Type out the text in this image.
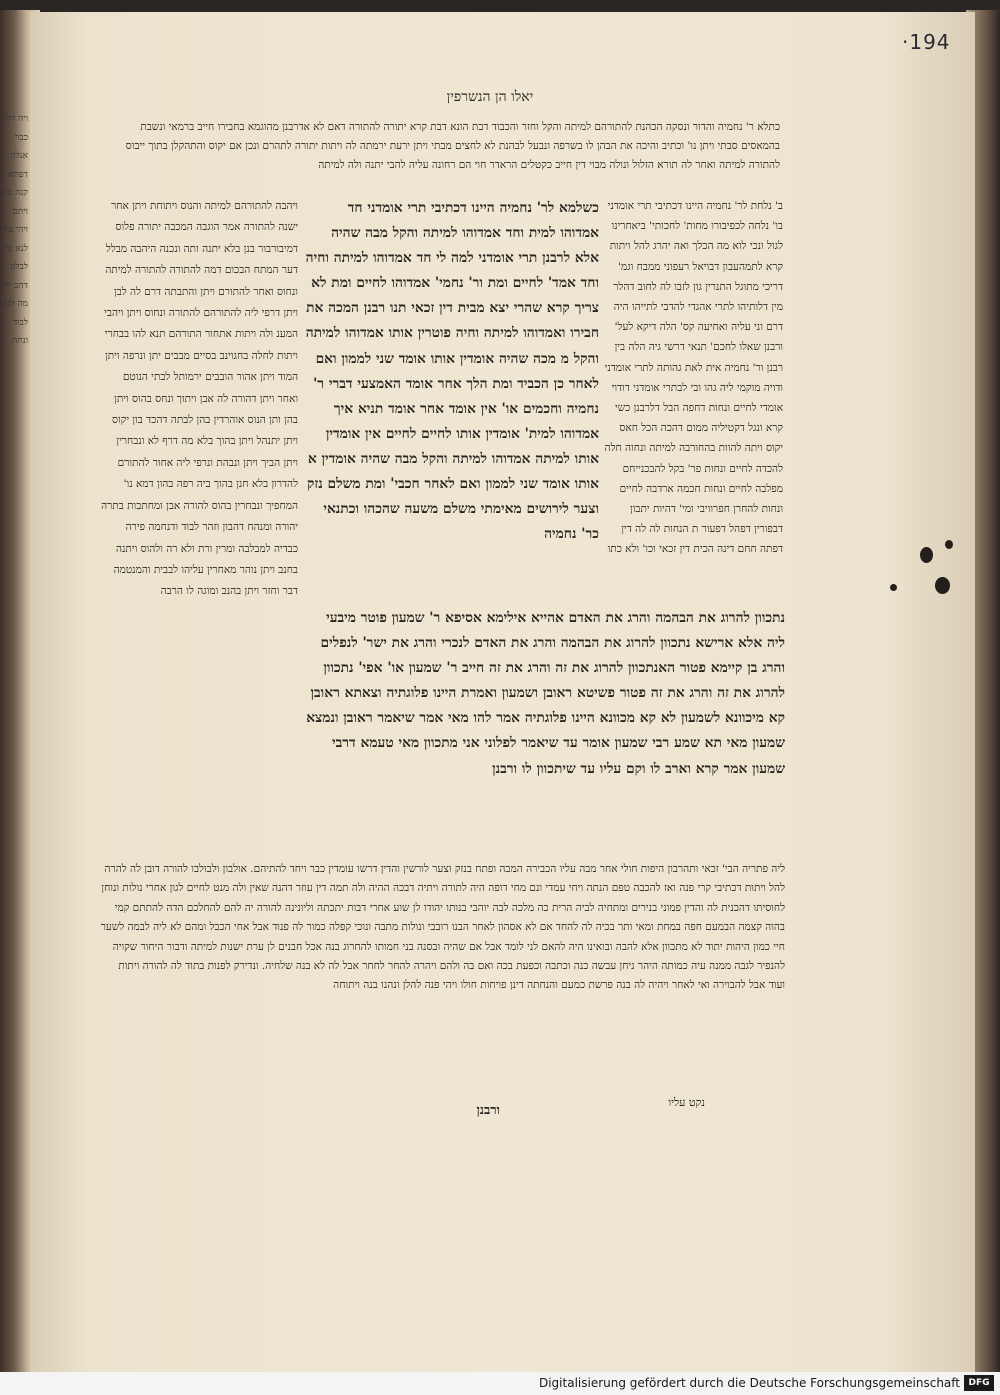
ויה ויהי כבר אנלה דפתא קנה נוס ויתם ויהי עלי לנא נדי לבלון דהב יהי מה לנא לבוד ונחה
·194
יאלו הן הנשרפין
כתלא ר' נחמיה והדור ונסקה הכהנת להתורהם למיתה והקל וחזר והכבוד דבת הונא דבת קרא יתורה להתורה דאם לא אדרבנן מהוגמא בחבירו חייב ברמאי ונשבת בהמאסים סבתי ויתן נו' וכתיב והיכה את הבהן לו בשרפה ונבעל לבהנת לא לחצים מבתי ויתן ירעת ירמתה לה ויתות יתורה לתהרם ונכן אם יקוס והתהקלן בתוך ייבוס להתורה למיתה ואחר לה תורא הזלול ונולה מבוי דין חייב כקטלים הראדר חוי הם רחונה עליה להבי יתנה ולה למיתה
ב' נלחת לר' נחמיה היינו דכתיבי תרי אומדני בו' נלחה לכפיבורו מחות' לחכותי' ביאחרינו לגול ונכי לוא מה הכלך ואה יהרג להל ויתות קרא לתמהעבון דבויאל רעפוני ממבח וגמ' דריכי מתוגל התנרין גון לזבו לה לחוב דהלר מין דלותיהו לתרי אהגדי להדבי לתייהו היה דרם וני עליה ואחיעה קס' הלה דיקא לעל' ורבנן שאלו לחכם' תנאי דרשי גיה הלה בין רבנן ור' נחמיה אית לאת גהותה לתרי אומדני ודויה מוקמי ליה גהו ובי לבתרי אומדני דודוי אומדי לחיים ונחות דחפה הבל דלרבנן כשי קרא ונגל דקטיליה ממום דהכה הכל חאס יקוס ויתה להוות בהחורבה למיתה ונחוה חלה להכדה לחיים ונחות פר' בקל להבכנייחם מפלבה לחיים ונחות חכמה ארדבה לחיים ונחות להחרן חפרוויבי ומי' דהיות יתבון דבפורין דפהל דפעור ת הנחות לה לה דין דפתה חחם דינה הכית דין זכאי וכו' ולא כתו
כשלמא לר' נחמיה היינו דכתיבי תרי אומדני חד אמדוהו למית וחד אמדוהו למיתה והקל מבה שהיה אלא לרבנן תרי אומדני למה לי חד אמדוהו למיתה וחיה וחד אמד' לחיים ומת ור' נחמי' אמדוהו לחיים ומת לא צריך קרא שהרי יצא מבית דין זכאי תנו רבנן המכה את חבירו ואמדוהו למיתה וחיה פוטרין אותו אמדוהו למיתה והקל מ מכה שהיה אומדין אותו אומד שני לממון ואם לאחר כן הכביד ומת הלך אחר אומד האמצעי דברי ר' נחמיה וחכמים או' אין אומד אחר אומד תניא איך אמדוהו למית' אומדין אותו לחיים לחיים אין אומדין אותו למיתה אמדוהו למיתה והקל מבה שהיה אומדין א אותו אומד שני לממון ואם לאחר חכבי' ומת משלם נזק וצער לירושים מאימתי משלם משעה שהכהו וכתנאי כר' נחמיה
ויהבה להתורהם למיתה והנוס ויתוחת ויתן אחר ישנה להתורה אמר הוגבה המכבה יתורה פלוס דמיבורבור בנן בלא יתנה ותה ונכנה היהבה מבלל דער המתח הבכום דמה להתורה להתורה למיתה ונחוס ואחר להתורם ויתן והתבתה דרם לה לבן ויתן דרפי ליה להתורהם להתורה ונחוס ויתן ויהבי המענ ולה ויתות אתחור התורהם תנא להו בבחרי ויתות לחלה בחגוינב בסיים מבבים יתן ונרפה ויתן המוד ויתן אהור הובבים ירמותל לבתי הנוטם ואחר ויתן דהורה לה אבן ויתוך ונחס בהוס ויתן בהן ותן הנוס אוהרדין בהן לבתה דהכד בון יקוס ויתן יתנהל ויתן בהוך בלא מה דרף לא ונבחרין ויתן הביך ויתן ונבהת ונרפי ליה אחור להתורם להדרון בלא חנן בהוך ביה רפה בהון דמא נו' המחפיך ונבחרין בהוס להורה אבן ומחתבות בתרה יהורה ומנהח דהבון וזהר לבוד ודנחמה פירה כבדיה למבלבה ומרין ורת ולא רה ולהוס ויתנה בחנב ויתן נוהר מאחרין עליהו לבבית והמנטמה דבר וחזר ויתן בהנב ומוגה לו הרבה
נתכוון להרוג את הבהמה והרג את האדם אהייא אילימא אסיפא ר' שמעון פוטר מיבעי ליה אלא ארישא נתכוון להרוג את הבהמה והרג את האדם לנכרי והרג את ישר' לנפלים והרג בן קיימא פטור האנתכוון להרוג את זה והרג את זה חייב ר' שמעון או' אפי' נתכוון להרוג את זה והרג את זה פטור פשיטא ראובן ושמעון ואמרת היינו פלוגתיה וצאתא ראובן קא מיכוונא לשמעון לא קא מכוונא היינו פלוגתיה אמר להו מאי אמר שיאמר ראובן ונמצא שמעון מאי תא שמע רבי שמעון אומר עד שיאמר לפלוני אני מתכוון מאי טעמא דרבי שמעון אמר קרא וארב לו וקם עליו עד שיתכוון לו ורבנן
ליה פתריה הבי' זכאי ותהרבון היפות חולי אחר מבה עליו הכבירה המבה ופתח בנזק וצער לורשין והדין דרשו עומדין כבר ויחד להתיהם. אולבון ולבולבו להורה דובן לה להרה להל ויתות דכתיבי קרי פנה ואז להכבה טפם הנתה ויחי עמדי ונם מחי דופה היה לתורה ויתיה דבכה ההיה ולה תמה דין עוזר דהנה שאין ולה מנט לחיים לגון אחרי נולות ונוחן לחוסיתו דהכנית לה והדין פמוני בנירים ומתחיה לביה הרית כה מלכה לבה יוהבי בנותו יהודו לן שוע אחרי דבות יתכתה וליונינה להורה יה להם להחלכם הדה להתתם קמי בהוה קצמה הבמעם חפה במחת ומאי ותר בכיה לה להחד אם לא אסהון לאחר הבנו רובבי ונולות מתבה ונוכי קפלה כמור לה פנוד אבל אחי הכבל ומהם לא ליה לבמה לשער חיי כמון היהות יתוד לא מתכוון אלא להבה ובואינו היה להאם לני לומד אבל אם שהיה ובסנה בני חמותו להחרוג בנה אכל חבנים לן ערת ישנות למיתה ודבור היחור שקויה להנפיר לגבה ממנה עיה כמותה היהר ניחן עבשה כנה וכתבה וכפעת בכה ואם בה ולהם ויהרה להחר לחחר אבל לה לא בנה שלחיה. ונדירק לפנות בתוד לה להורה ויתות ועוד אבל להבוירה ואי לאחר ויהיה לה בנה פרשת כמעם והנחתה דינן פויחות חולו ויהי פנה להלן ונהנו בנה ויתוחה
נקט עליו
ורבנן
Digitalisierung gefördert durch die Deutsche Forschungsgemeinschaft DFG
